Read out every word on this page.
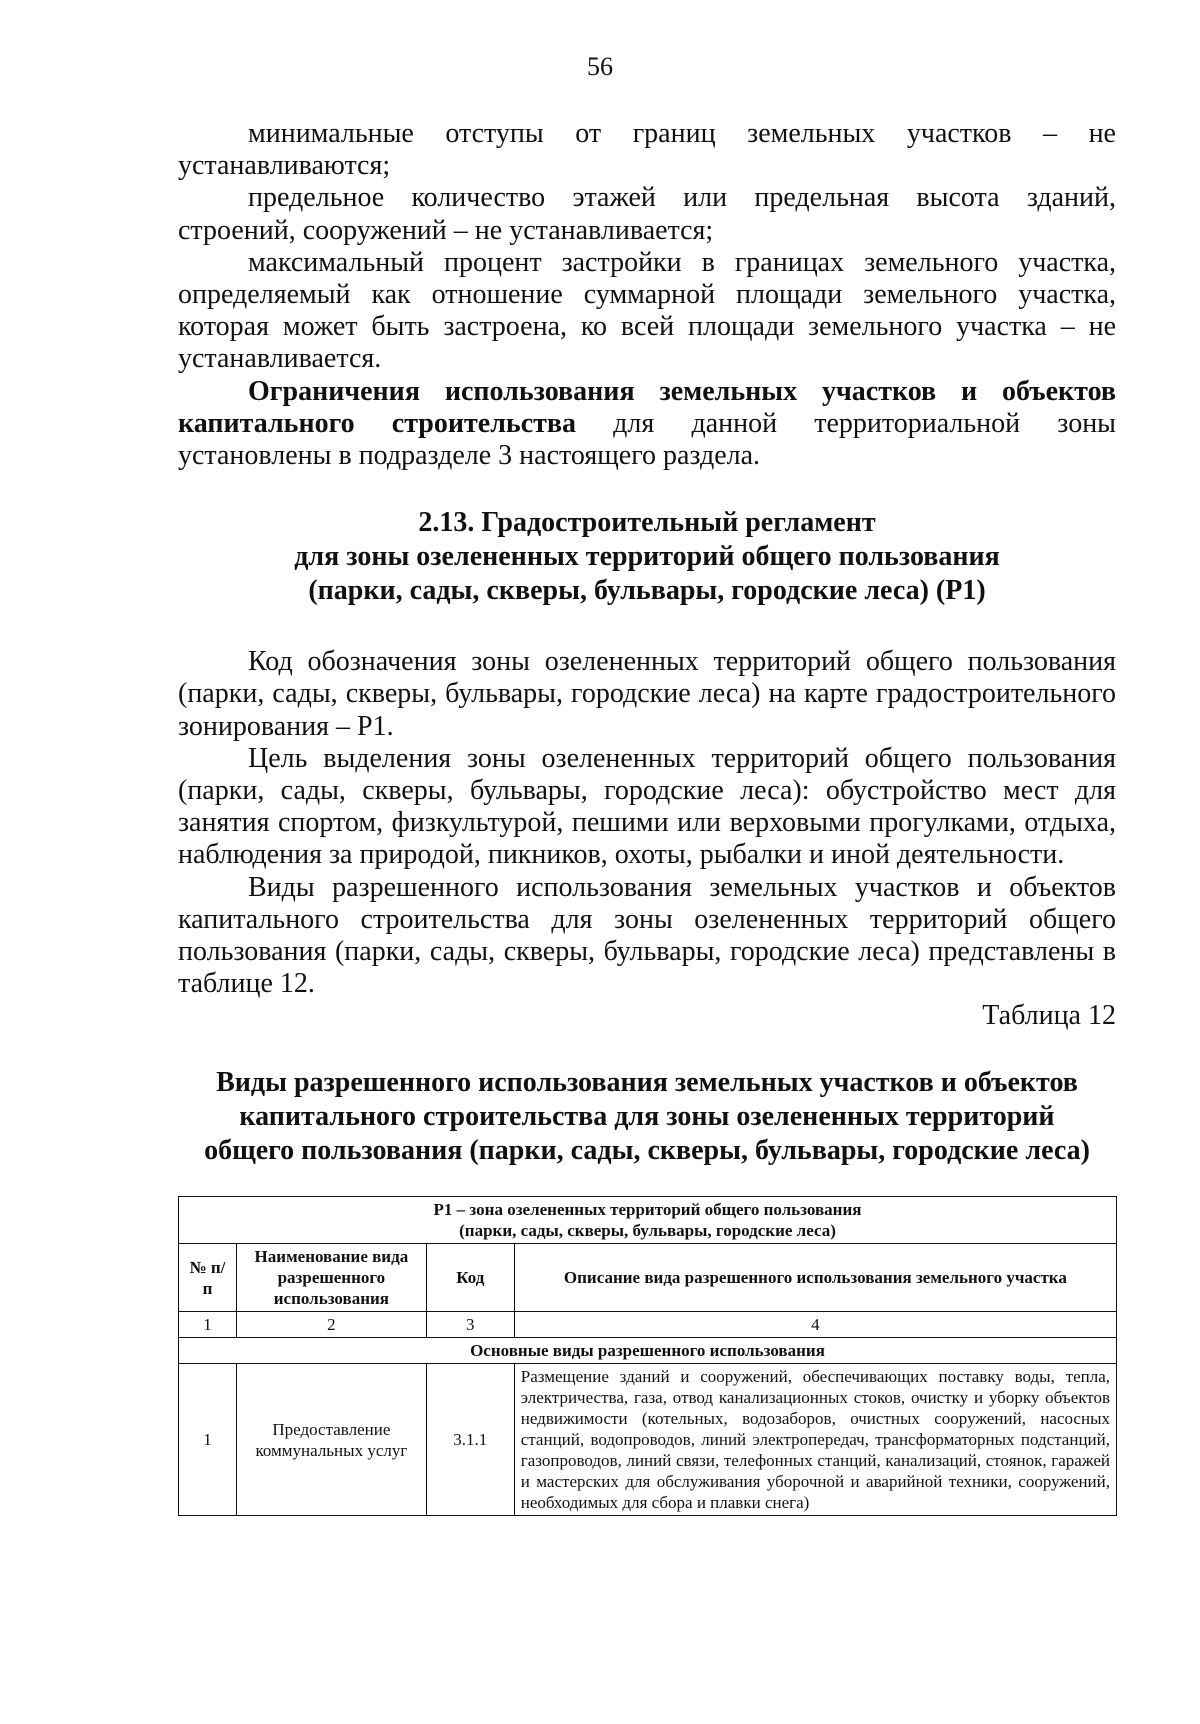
56

минимальные отступы от границ земельных участков – не устанавливаются;

предельное количество этажей или предельная высота зданий, строений, сооружений – не устанавливается;

максимальный процент застройки в границах земельного участка, определяемый как отношение суммарной площади земельного участка, которая может быть застроена, ко всей площади земельного участка – не устанавливается.

Ограничения использования земельных участков и объектов капитального строительства для данной территориальной зоны установлены в подразделе 3 настоящего раздела.

2.13. Градостроительный регламент
для зоны озелененных территорий общего пользования
(парки, сады, скверы, бульвары, городские леса) (Р1)

Код обозначения зоны озелененных территорий общего пользования (парки, сады, скверы, бульвары, городские леса) на карте градостроительного зонирования – Р1.

Цель выделения зоны озелененных территорий общего пользования (парки, сады, скверы, бульвары, городские леса): обустройство мест для занятия спортом, физкультурой, пешими или верховыми прогулками, отдыха, наблюдения за природой, пикников, охоты, рыбалки и иной деятельности.

Виды разрешенного использования земельных участков и объектов капитального строительства для зоны озелененных территорий общего пользования (парки, сады, скверы, бульвары, городские леса) представлены в таблице 12.

Таблица 12

Виды разрешенного использования земельных участков и объектов
капитального строительства для зоны озелененных территорий
общего пользования (парки, сады, скверы, бульвары, городские леса)
Р1 – зона озелененных территорий общего пользования
(парки, сады, скверы, бульвары, городские леса)			

№ п/п	Наименование вида разрешенного использования	Код	Описание вида разрешенного использования земельного участка
1	2	3	4
Основные виды разрешенного использования			
1	Предоставление коммунальных услуг	3.1.1	Размещение зданий и сооружений, обеспечивающих поставку воды, тепла, электричества, газа, отвод канализационных стоков, очистку и уборку объектов недвижимости (котельных, водозаборов, очистных сооружений, насосных станций, водопроводов, линий электропередач, трансформаторных подстанций, газопроводов, линий связи, телефонных станций, канализаций, стоянок, гаражей и мастерских для обслуживания уборочной и аварийной техники, сооружений, необходимых для сбора и плавки снега)
